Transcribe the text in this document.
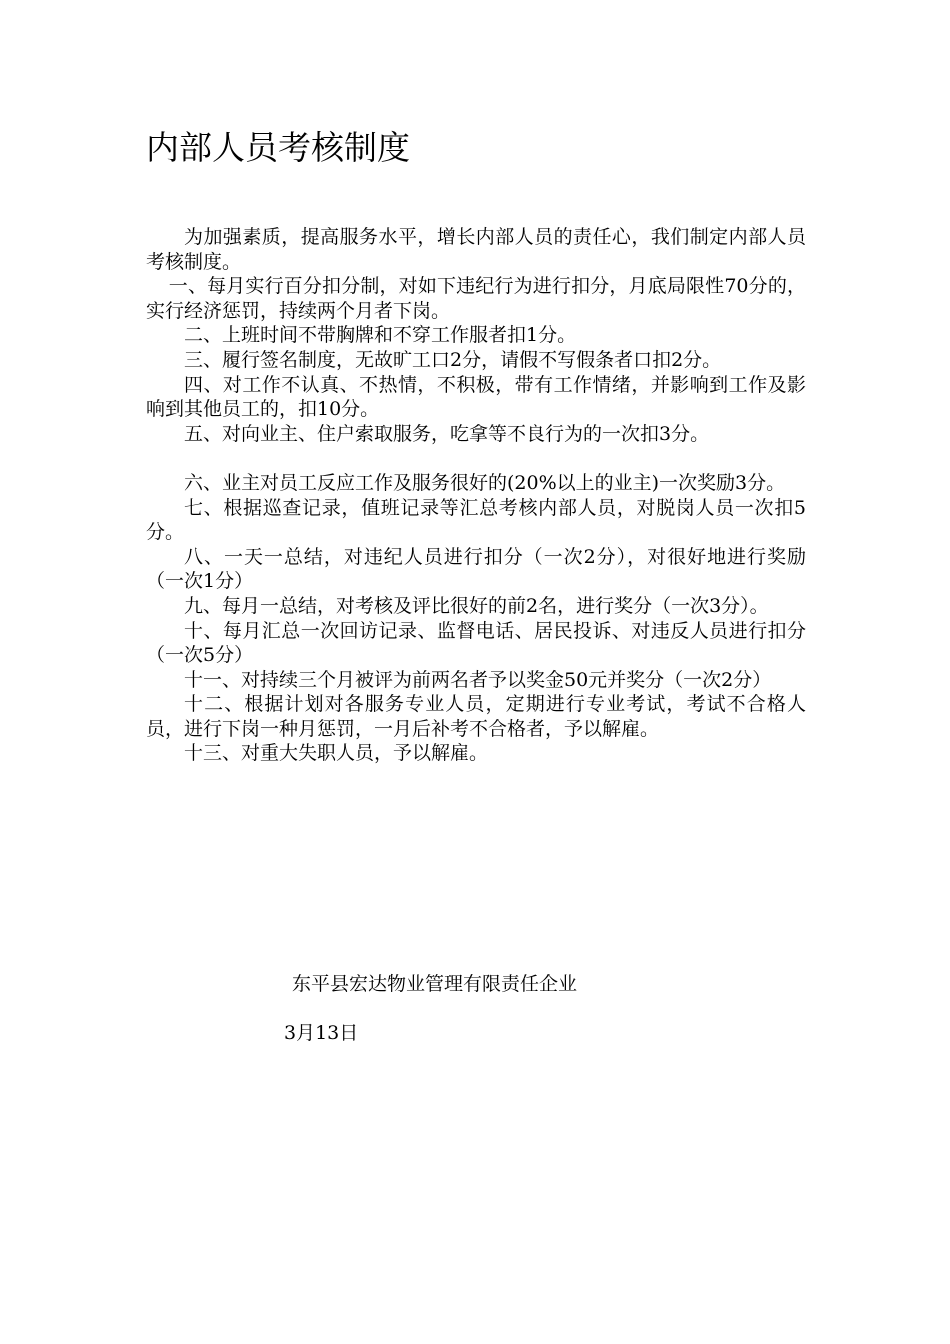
内部人员考核制度

为加强素质，提高服务水平，增长内部人员的责任心，我们制定内部人员考核制度。

一、每月实行百分扣分制，对如下违纪行为进行扣分，月底局限性70分的，实行经济惩罚，持续两个月者下岗。

二、上班时间不带胸牌和不穿工作服者扣1分。

三、履行签名制度，无故旷工口2分，请假不写假条者口扣2分。

四、对工作不认真、不热情，不积极，带有工作情绪，并影响到工作及影响到其他员工的，扣10分。

五、对向业主、住户索取服务，吃拿等不良行为的一次扣3分。

六、业主对员工反应工作及服务很好的(20%以上的业主)一次奖励3分。

七、根据巡查记录，值班记录等汇总考核内部人员，对脱岗人员一次扣5分。

八、一天一总结，对违纪人员进行扣分（一次2分），对很好地进行奖励（一次1分）

九、每月一总结，对考核及评比很好的前2名，进行奖分（一次3分）。

十、每月汇总一次回访记录、监督电话、居民投诉、对违反人员进行扣分（一次5分）

十一、对持续三个月被评为前两名者予以奖金50元并奖分（一次2分）

十二、根据计划对各服务专业人员，定期进行专业考试，考试不合格人员，进行下岗一种月惩罚，一月后补考不合格者，予以解雇。

十三、对重大失职人员，予以解雇。

东平县宏达物业管理有限责任企业
3月13日
